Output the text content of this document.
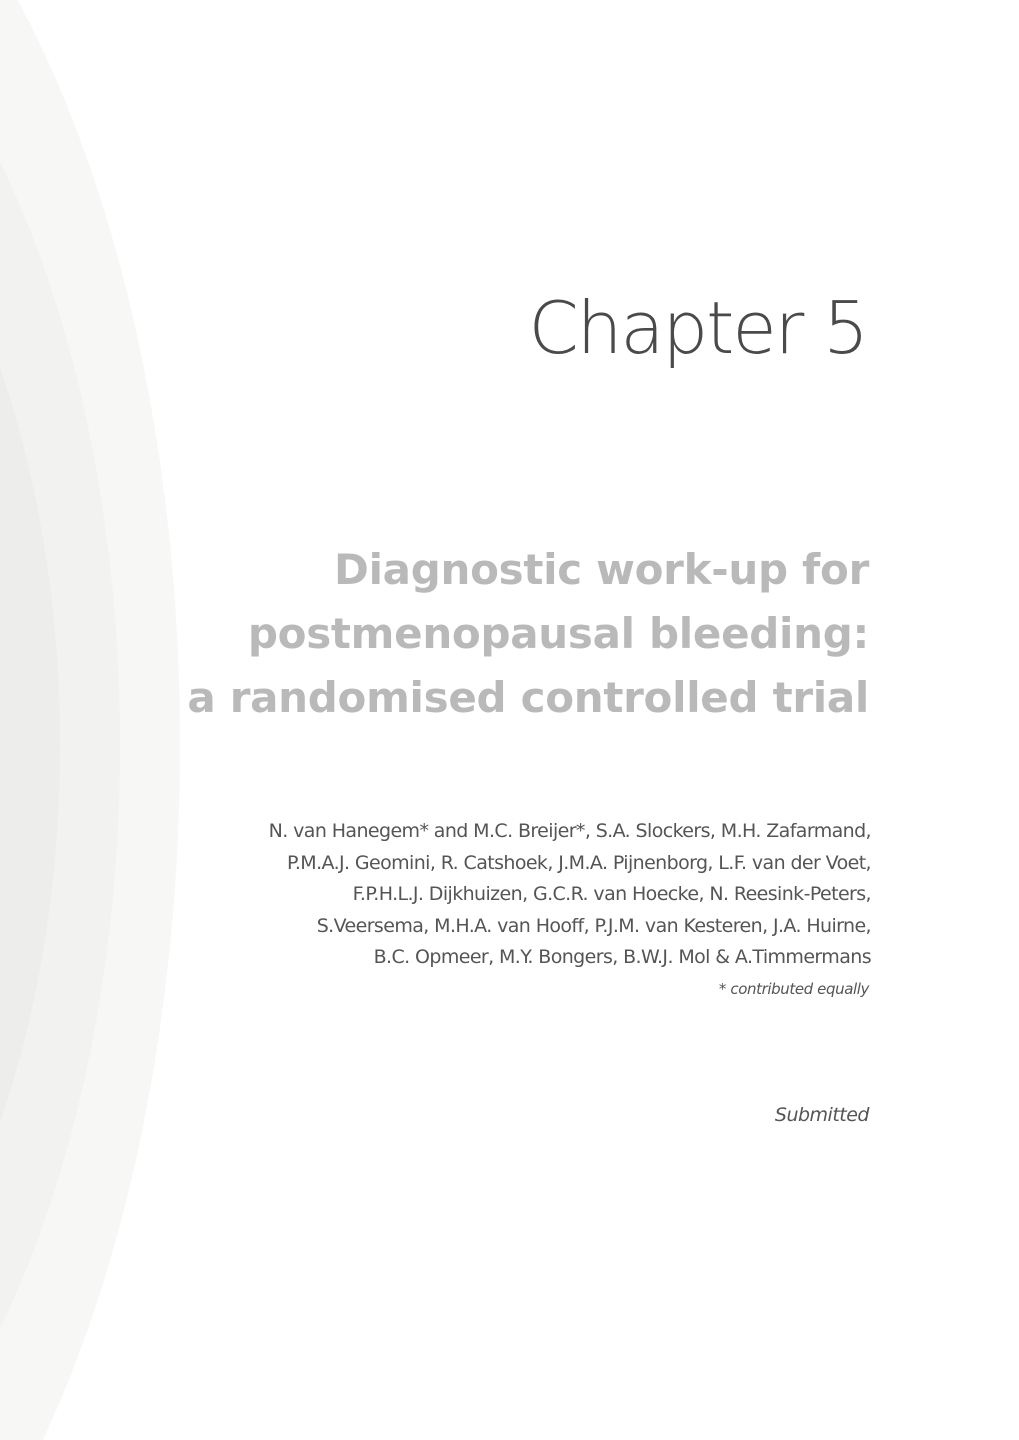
Chapter 5
Diagnostic work-up for
postmenopausal bleeding:
a randomised controlled trial

N. van Hanegem* and M.C. Breijer*, S.A. Slockers, M.H. Zafarmand,
P.M.A.J. Geomini, R. Catshoek, J.M.A. Pijnenborg, L.F. van der Voet,
F.P.H.L.J. Dijkhuizen, G.C.R. van Hoecke, N. Reesink-Peters,
S.Veersema, M.H.A. van Hooff, P.J.M. van Kesteren, J.A. Huirne,
B.C. Opmeer, M.Y. Bongers, B.W.J. Mol & A.Timmermans

* contributed equally

Submitted
